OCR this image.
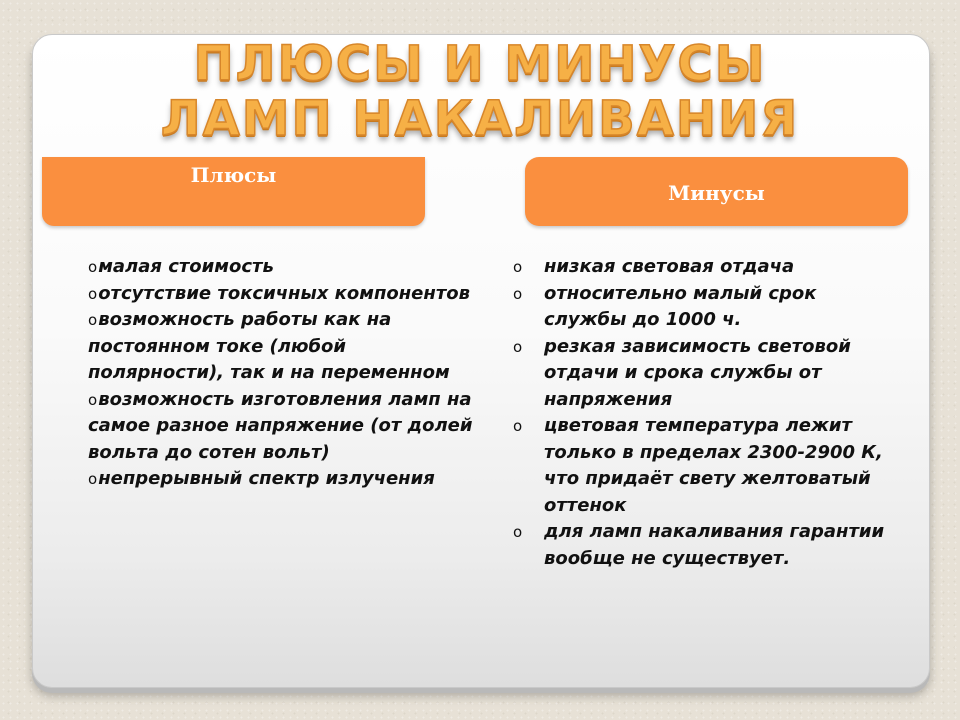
ПЛЮСЫ И МИНУСЫ
ЛАМП НАКАЛИВАНИЯ
Плюсы
Минусы
oмалая стоимость
oотсутствие токсичных компонентов
oвозможность работы как на постоянном токе (любой полярности), так и на переменном
oвозможность изготовления ламп на самое разное напряжение (от долей вольта до сотен вольт)
oнепрерывный спектр излучения
o низкая световая отдача
o относительно малый срок службы до 1000 ч.
o резкая зависимость световой отдачи и срока службы от напряжения
o цветовая температура лежит только в пределах 2300-2900 К, что придаёт свету желтоватый оттенок
o для ламп накаливания гарантии вообще не существует.
